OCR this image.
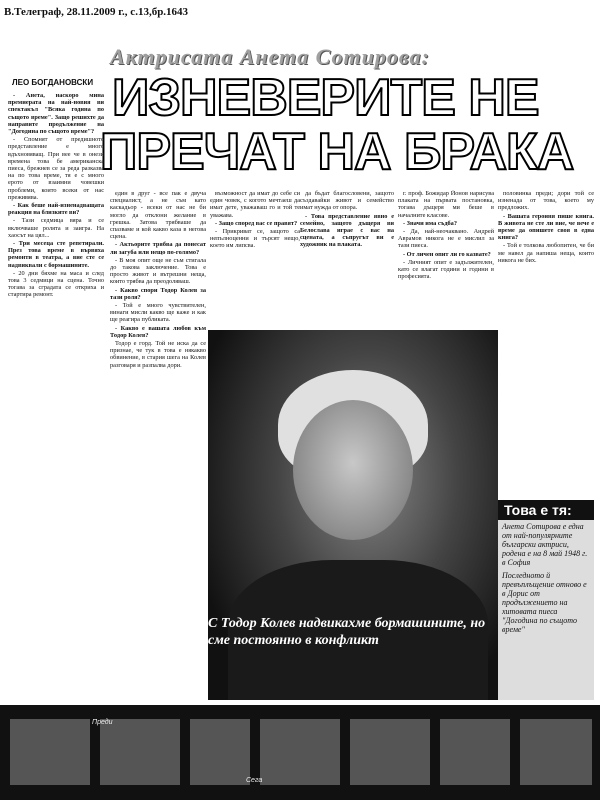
В.Телеграф, 28.11.2009 г., с.13,бр.1643
Актрисата Анета Сотирова:
ИЗНЕВЕРИТЕ НЕ
ПРЕЧАТ НА БРАКА
ЛЕО БОГДАНОВСКИ

- Анета, наскоро мина премиерата на най-новия ви спектакъл "Всяка година по същото време". Защо решихте да направите продължение на "Догодина по същото време"?

- Спомнят от предишното представление е много вдъхновяващ. При вее че в онези времена това бе американска пиеса, брежнев се за реда разказва на по това време, тя е с много ерото от взаимни човешки проблеми, които всеки от нас преживява.

- Как беше най-изненадващата реакция на близките ви?

- Тази седмица вяра и се включваше ролята и заигра. На хаосът на цял...

- Три месеца сте репетирали. През това време в вървяха ремонти в театра, а вие сте се надвиквали с бормашините.

- 20 дни бяхме на маса и след това 3 седмици на сцена. Точно тогава за сградата се откриха и стартира ремонт.

един в друг - все пак е двуча специалист, а не съм като каскадьор - всеки от нас не би могло да отклони желание в грешка. Затова трябваше да спазваме и кой какво каза в негова сцена.

- Актьорите трябва да понесат ли загуба или нещо по-голямо?

- В моя опит още не съм стигала до такова заключение. Това е просто живот и вътрешни неща, които трябва да преодоляваш.

- Какво спори Тодор Колев за тази роля?

- Той е много чувствителен, винаги мисли какво ще каже и как ще реагира публиката.

- Какво е вашата любов към Тодор Колев?

Тодор е горд. Той не иска да се признае, че тук в това е някакво обвинение, в стария шега на Колев разговаря и разпалва дори.

възможност да имат до себе си един човек, с когото мечтаеш да имат дете, уважаваш го и той те уважава.

- Защо според вас се правят?

- Прикриват се, защото са непълноценни и търсят нещо, което им липсва.

да бъдат благословени, защото създавайки живот и семейство имат нужда от опора.

- Това представление явно е семейно, защото дъщеря ви Белослава играе с вас на сцената, а съпругът ви е художник на плаката.

г. проф. Божидар Йонов нарисува плаката на първата постановка, тогава дъщеря ми беше в началните класове.

- Значи има съдба?

- Да, най-неочаквано. Андрей Аврамов никога не е мислил за тази пиеса.

- От личен опит ли го казвате?

- Личният опит е задължителен, като се влагат години и години в професията.

половинка преди; дори той се изненада от това, което му предложих.

- Вашата героиня пише книга. В живота не сте ли вие, че вече е време да опишете своя в една книга?

- Той е толкова любопитен, че би ме навел да напиша неща, които никога не бих.

С Тодор Колев надвикахме бормашините, но сме постоянно в конфликт
Това е тя:
Анета Сотирова е една от най-популярните български актриси, родена е на 8 май 1948 г. в София
Последното й превъплъщение отново е в Дорис от продължението на хитовата пиеса "Догодина по същото време"
Преди
Сега
